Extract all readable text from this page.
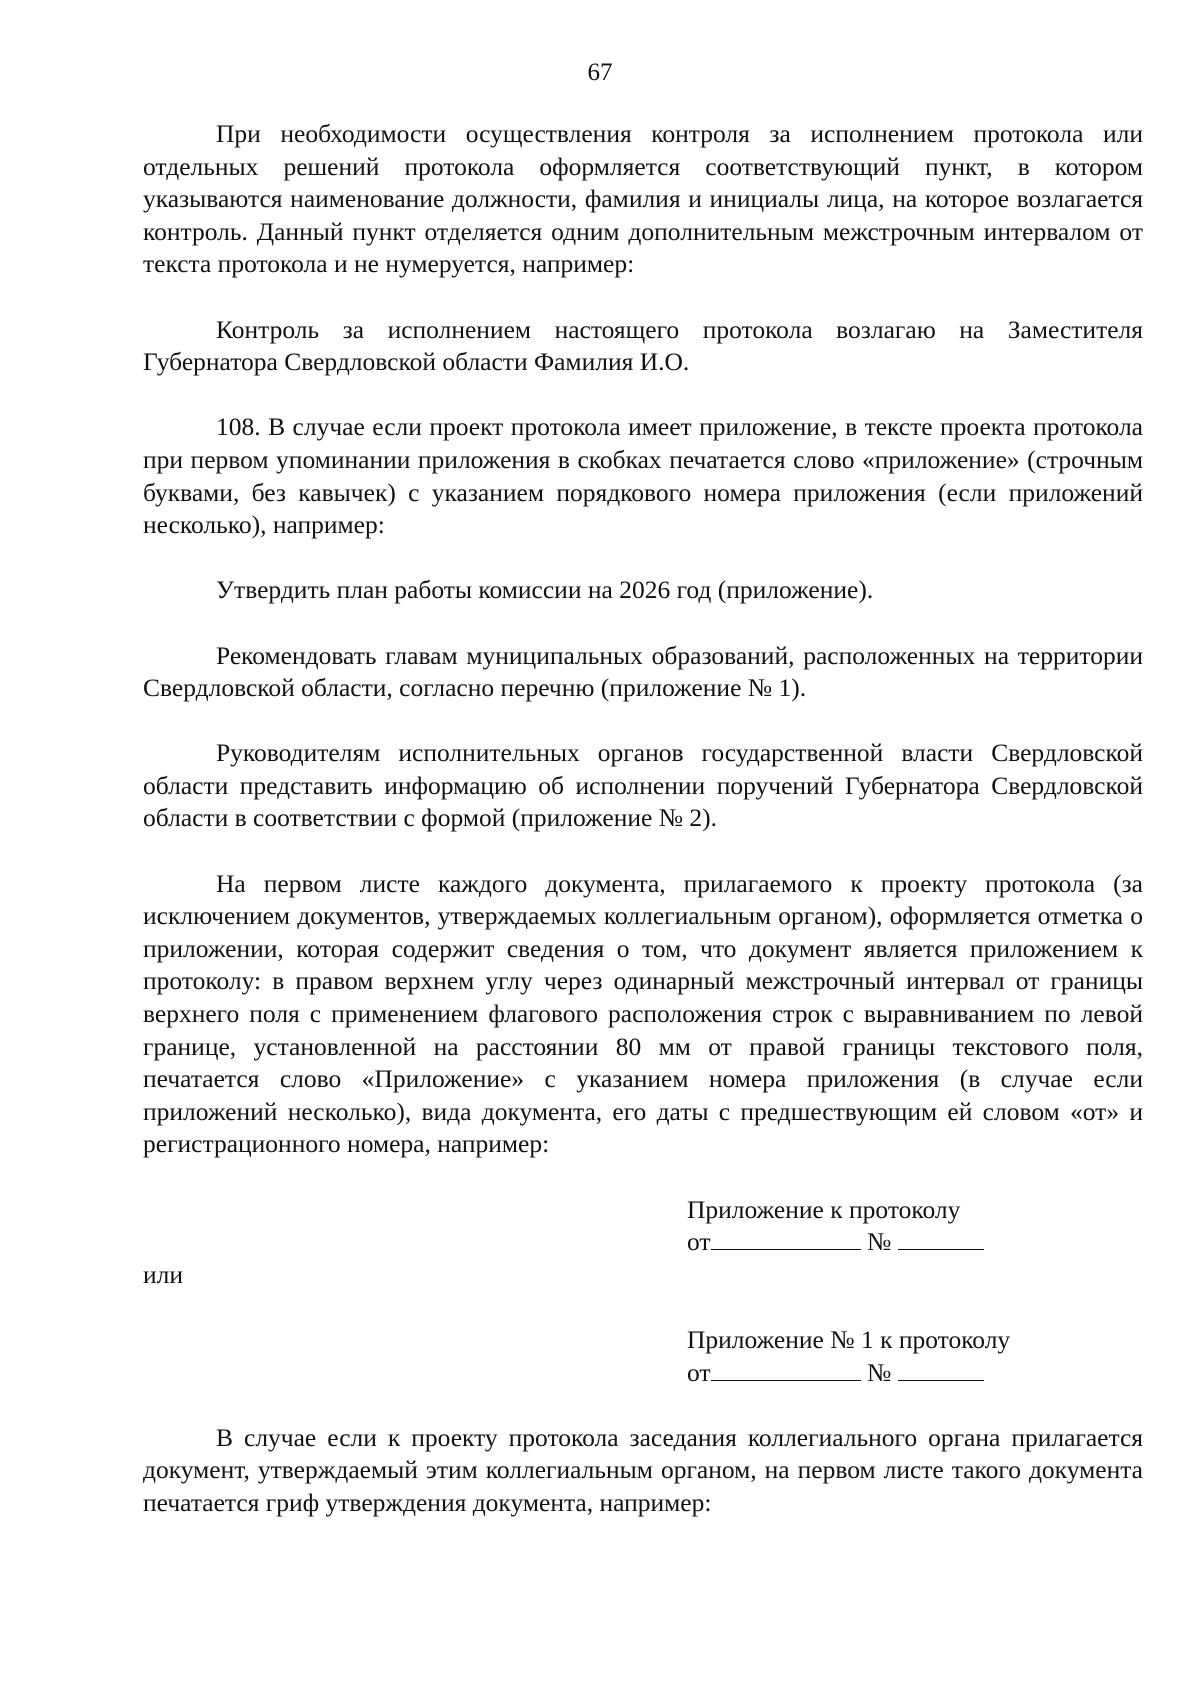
67

При необходимости осуществления контроля за исполнением протокола или отдельных решений протокола оформляется соответствующий пункт, в котором указываются наименование должности, фамилия и инициалы лица, на которое возлагается контроль. Данный пункт отделяется одним дополнительным межстрочным интервалом от текста протокола и не нумеруется, например:

Контроль за исполнением настоящего протокола возлагаю на Заместителя Губернатора Свердловской области Фамилия И.О.

108. В случае если проект протокола имеет приложение, в тексте проекта протокола при первом упоминании приложения в скобках печатается слово «приложение» (строчным буквами, без кавычек) с указанием порядкового номера приложения (если приложений несколько), например:

Утвердить план работы комиссии на 2026 год (приложение).

Рекомендовать главам муниципальных образований, расположенных на территории Свердловской области, согласно перечню (приложение № 1).

Руководителям исполнительных органов государственной власти Свердловской области представить информацию об исполнении поручений Губернатора Свердловской области в соответствии с формой (приложение № 2).

На первом листе каждого документа, прилагаемого к проекту протокола (за исключением документов, утверждаемых коллегиальным органом), оформляется отметка о приложении, которая содержит сведения о том, что документ является приложением к протоколу: в правом верхнем углу через одинарный межстрочный интервал от границы верхнего поля с применением флагового расположения строк с выравниванием по левой границе, установленной на расстоянии 80 мм от правой границы текстового поля, печатается слово «Приложение» с указанием номера приложения (в случае если приложений несколько), вида документа, его даты с предшествующим ей словом «от» и регистрационного номера, например:

Приложение к протоколу
от	№

или

Приложение № 1 к протоколу
от	№

В случае если к проекту протокола заседания коллегиального органа прилагается документ, утверждаемый этим коллегиальным органом, на первом листе такого документа печатается гриф утверждения документа, например:
